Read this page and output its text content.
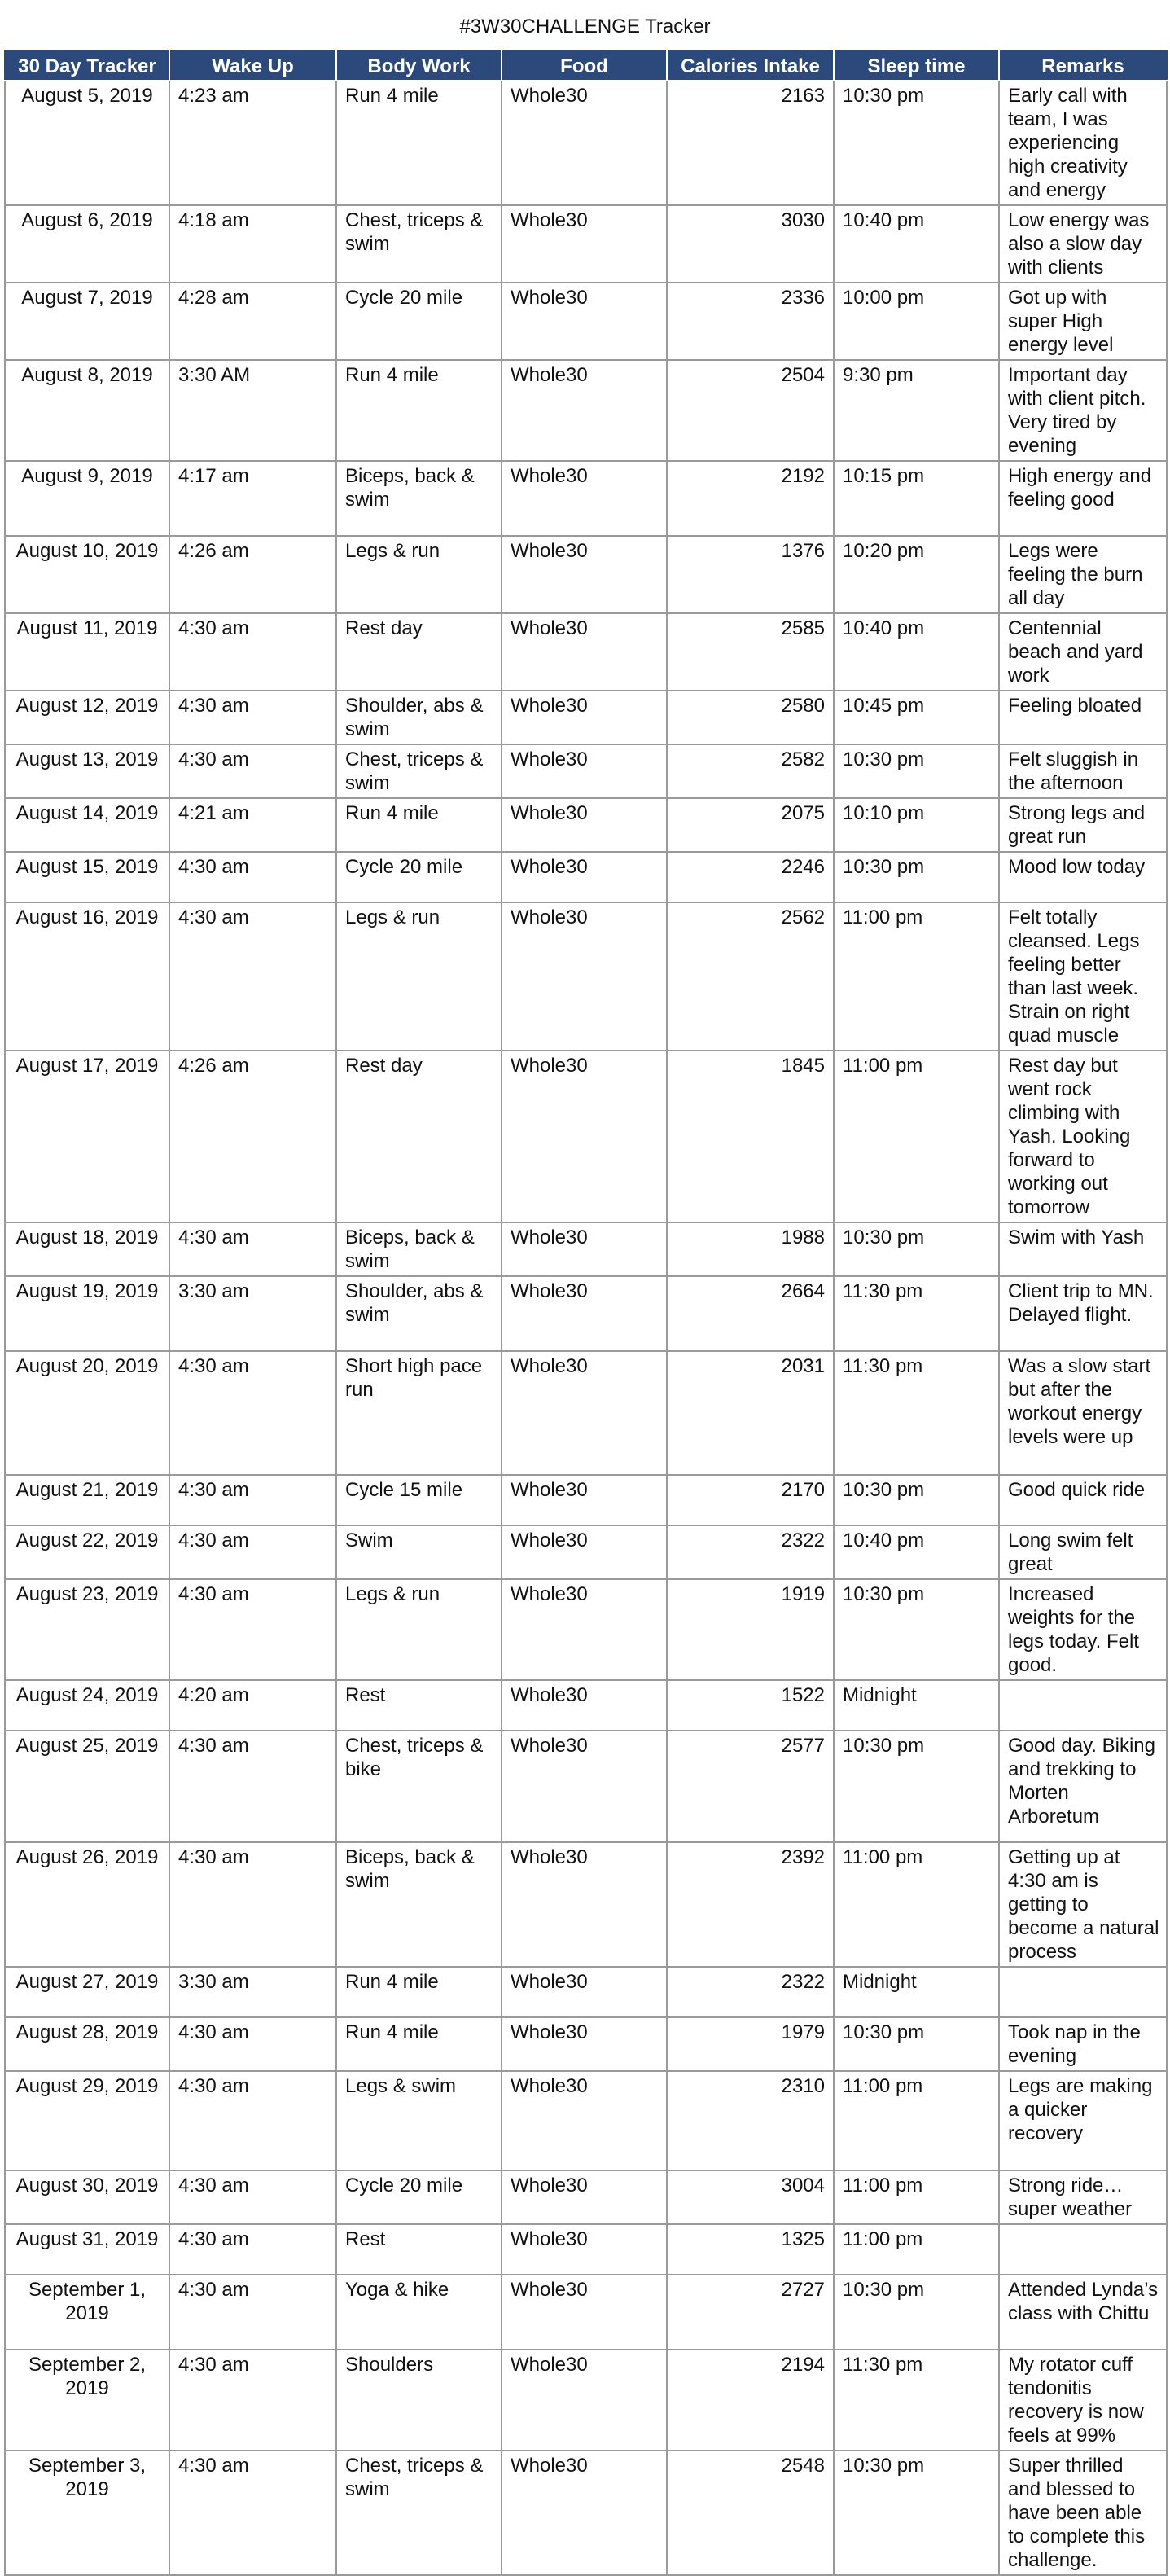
#3W30CHALLENGE Tracker
30 Day Tracker	Wake Up	Body Work	Food	Calories Intake	Sleep time	Remarks
August 5, 2019	4:23 am	Run 4 mile	Whole30	2163	10:30 pm	Early call with team, I was experiencing high creativity and energy
August 6, 2019	4:18 am	Chest, triceps & swim	Whole30	3030	10:40 pm	Low energy was also a slow day with clients
August 7, 2019	4:28 am	Cycle 20 mile	Whole30	2336	10:00 pm	Got up with super High energy level
August 8, 2019	3:30 AM	Run 4 mile	Whole30	2504	9:30 pm	Important day with client pitch. Very tired by evening
August 9, 2019	4:17 am	Biceps, back & swim	Whole30	2192	10:15 pm	High energy and feeling good
August 10, 2019	4:26 am	Legs & run	Whole30	1376	10:20 pm	Legs were feeling the burn all day
August 11, 2019	4:30 am	Rest day	Whole30	2585	10:40 pm	Centennial beach and yard work
August 12, 2019	4:30 am	Shoulder, abs & swim	Whole30	2580	10:45 pm	Feeling bloated
August 13, 2019	4:30 am	Chest, triceps & swim	Whole30	2582	10:30 pm	Felt sluggish in the afternoon
August 14, 2019	4:21 am	Run 4 mile	Whole30	2075	10:10 pm	Strong legs and great run
August 15, 2019	4:30 am	Cycle 20 mile	Whole30	2246	10:30 pm	Mood low today
August 16, 2019	4:30 am	Legs & run	Whole30	2562	11:00 pm	Felt totally cleansed. Legs feeling better than last week. Strain on right quad muscle
August 17, 2019	4:26 am	Rest day	Whole30	1845	11:00 pm	Rest day but went rock climbing with Yash. Looking forward to working out tomorrow
August 18, 2019	4:30 am	Biceps, back & swim	Whole30	1988	10:30 pm	Swim with Yash
August 19, 2019	3:30 am	Shoulder, abs & swim	Whole30	2664	11:30 pm	Client trip to MN. Delayed flight.
August 20, 2019	4:30 am	Short high pace run	Whole30	2031	11:30 pm	Was a slow start but after the workout energy levels were up
August 21, 2019	4:30 am	Cycle 15 mile	Whole30	2170	10:30 pm	Good quick ride
August 22, 2019	4:30 am	Swim	Whole30	2322	10:40 pm	Long swim felt great
August 23, 2019	4:30 am	Legs & run	Whole30	1919	10:30 pm	Increased weights for the legs today. Felt good.
August 24, 2019	4:20 am	Rest	Whole30	1522	Midnight	
August 25, 2019	4:30 am	Chest, triceps & bike	Whole30	2577	10:30 pm	Good day. Biking and trekking to Morten Arboretum
August 26, 2019	4:30 am	Biceps, back & swim	Whole30	2392	11:00 pm	Getting up at 4:30 am is getting to become a natural process
August 27, 2019	3:30 am	Run 4 mile	Whole30	2322	Midnight	
August 28, 2019	4:30 am	Run 4 mile	Whole30	1979	10:30 pm	Took nap in the evening
August 29, 2019	4:30 am	Legs & swim	Whole30	2310	11:00 pm	Legs are making a quicker recovery
August 30, 2019	4:30 am	Cycle 20 mile	Whole30	3004	11:00 pm	Strong ride… super weather
August 31, 2019	4:30 am	Rest	Whole30	1325	11:00 pm	
September 1, 2019	4:30 am	Yoga & hike	Whole30	2727	10:30 pm	Attended Lynda’s class with Chittu
September 2, 2019	4:30 am	Shoulders	Whole30	2194	11:30 pm	My rotator cuff tendonitis recovery is now feels at 99%
September 3, 2019	4:30 am	Chest, triceps & swim	Whole30	2548	10:30 pm	Super thrilled and blessed to have been able to complete this challenge.
